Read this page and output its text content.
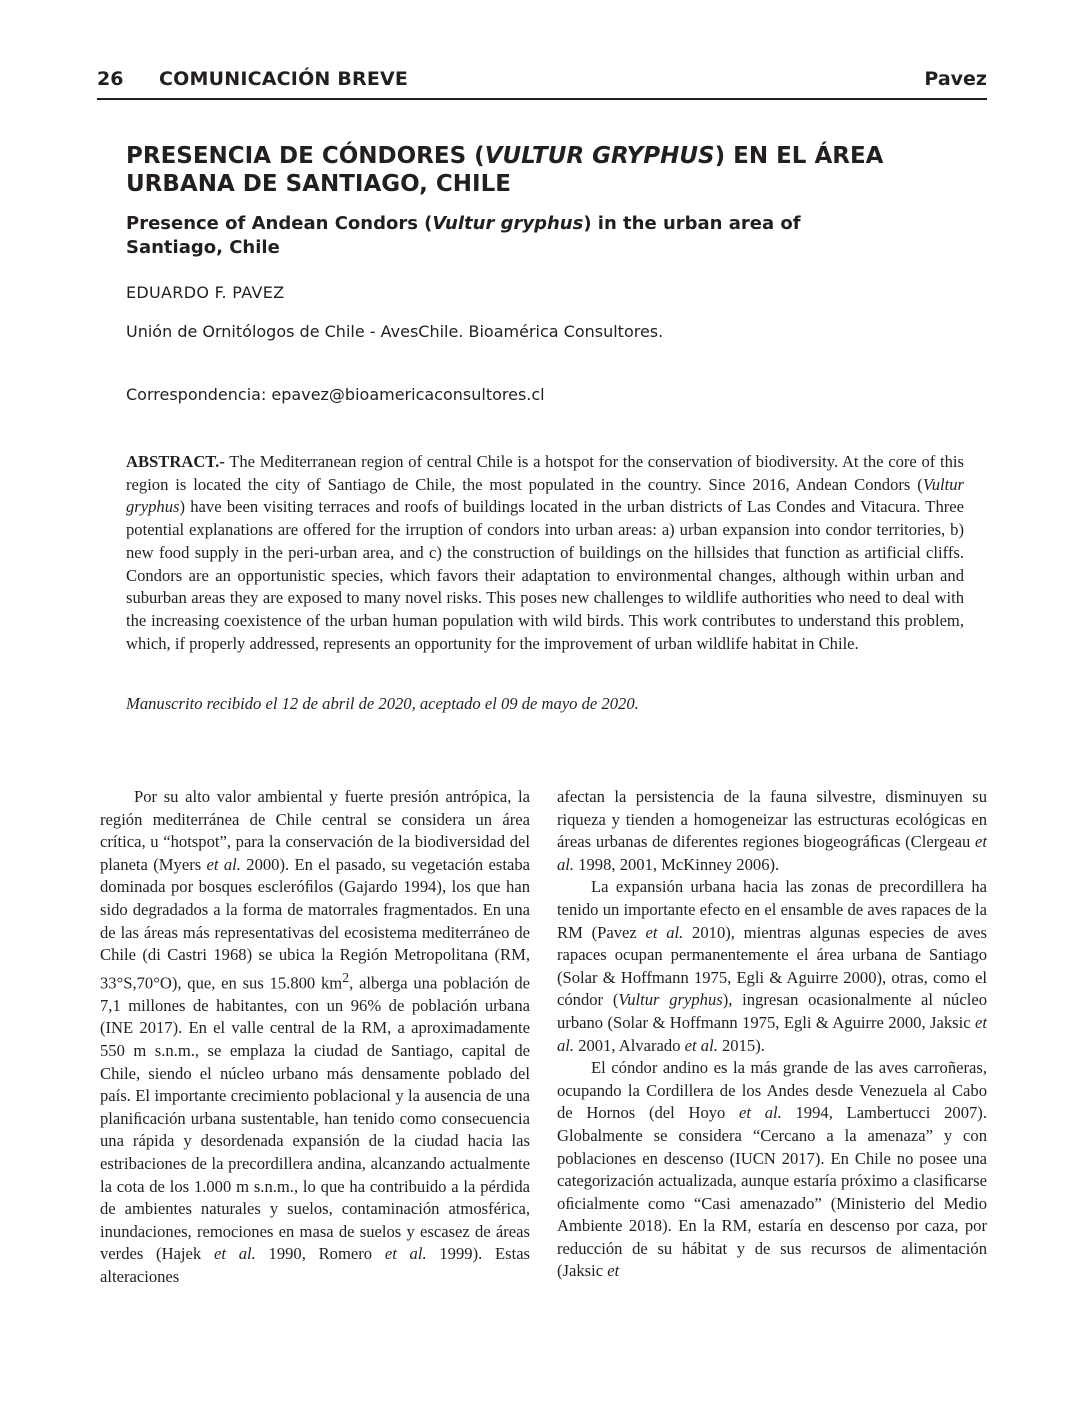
26 COMUNICACIÓN BREVE	Pavez
PRESENCIA DE CÓNDORES (VULTUR GRYPHUS) EN EL ÁREA URBANA DE SANTIAGO, CHILE
Presence of Andean Condors (Vultur gryphus) in the urban area of Santiago, Chile
EDUARDO F. PAVEZ
Unión de Ornitólogos de Chile - AvesChile. Bioamérica Consultores.
Correspondencia: epavez@bioamericaconsultores.cl

ABSTRACT.- The Mediterranean region of central Chile is a hotspot for the conservation of biodiversity. At the core of this region is located the city of Santiago de Chile, the most populated in the country. Since 2016, Andean Condors (Vultur gryphus) have been visiting terraces and roofs of buildings located in the urban districts of Las Condes and Vitacura. Three potential explanations are offered for the irruption of condors into urban areas: a) urban expansion into condor territories, b) new food supply in the peri-urban area, and c) the construction of buildings on the hillsides that function as artificial cliffs. Condors are an opportunistic species, which favors their adaptation to environmental changes, although within urban and suburban areas they are exposed to many novel risks. This poses new challenges to wildlife authorities who need to deal with the increasing coexistence of the urban human population with wild birds. This work contributes to understand this problem, which, if properly addressed, represents an opportunity for the improvement of urban wildlife habitat in Chile.

Manuscrito recibido el 12 de abril de 2020, aceptado el 09 de mayo de 2020.

Por su alto valor ambiental y fuerte presión antrópica, la región mediterránea de Chile central se considera un área crítica, u “hotspot”, para la conservación de la biodiversidad del planeta (Myers et al. 2000). En el pasado, su vegetación estaba dominada por bosques escleróﬁlos (Gajardo 1994), los que han sido degradados a la forma de matorrales fragmentados. En una de las áreas más representativas del ecosistema mediterráneo de Chile (di Castri 1968) se ubica la Región Metropolitana (RM, 33°S,70°O), que, en sus 15.800 $km^2$, alberga una población de 7,1 millones de habitantes, con un 96% de población urbana (INE 2017). En el valle central de la RM, a aproximadamente 550 m s.n.m., se emplaza la ciudad de Santiago, capital de Chile, siendo el núcleo urbano más densamente poblado del país. El importante crecimiento poblacional y la ausencia de una planiﬁcación urbana sustentable, han tenido como consecuencia una rápida y desordenada expansión de la ciudad hacia las estribaciones de la precordillera andina, alcanzando actualmente la cota de los 1.000 m s.n.m., lo que ha contribuido a la pérdida de ambientes naturales y suelos, contaminación atmosférica, inundaciones, remociones en masa de suelos y escasez de áreas verdes (Hajek et al. 1990, Romero et al. 1999). Estas alteraciones

afectan la persistencia de la fauna silvestre, disminuyen su riqueza y tienden a homogeneizar las estructuras ecológicas en áreas urbanas de diferentes regiones biogeográﬁcas (Clergeau et al. 1998, 2001, McKinney 2006).

La expansión urbana hacia las zonas de precordillera ha tenido un importante efecto en el ensamble de aves rapaces de la RM (Pavez et al. 2010), mientras algunas especies de aves rapaces ocupan permanentemente el área urbana de Santiago (Solar & Hoffmann 1975, Egli & Aguirre 2000), otras, como el cóndor (Vultur gryphus), ingresan ocasionalmente al núcleo urbano (Solar & Hoffmann 1975, Egli & Aguirre 2000, Jaksic et al. 2001, Alvarado et al. 2015).

El cóndor andino es la más grande de las aves carroñeras, ocupando la Cordillera de los Andes desde Venezuela al Cabo de Hornos (del Hoyo et al. 1994, Lambertucci 2007). Globalmente se considera “Cercano a la amenaza” y con poblaciones en descenso (IUCN 2017). En Chile no posee una categorización actualizada, aunque estaría próximo a clasiﬁcarse oﬁcialmente como “Casi amenazado” (Ministerio del Medio Ambiente 2018). En la RM, estaría en descenso por caza, por reducción de su hábitat y de sus recursos de alimentación (Jaksic et
